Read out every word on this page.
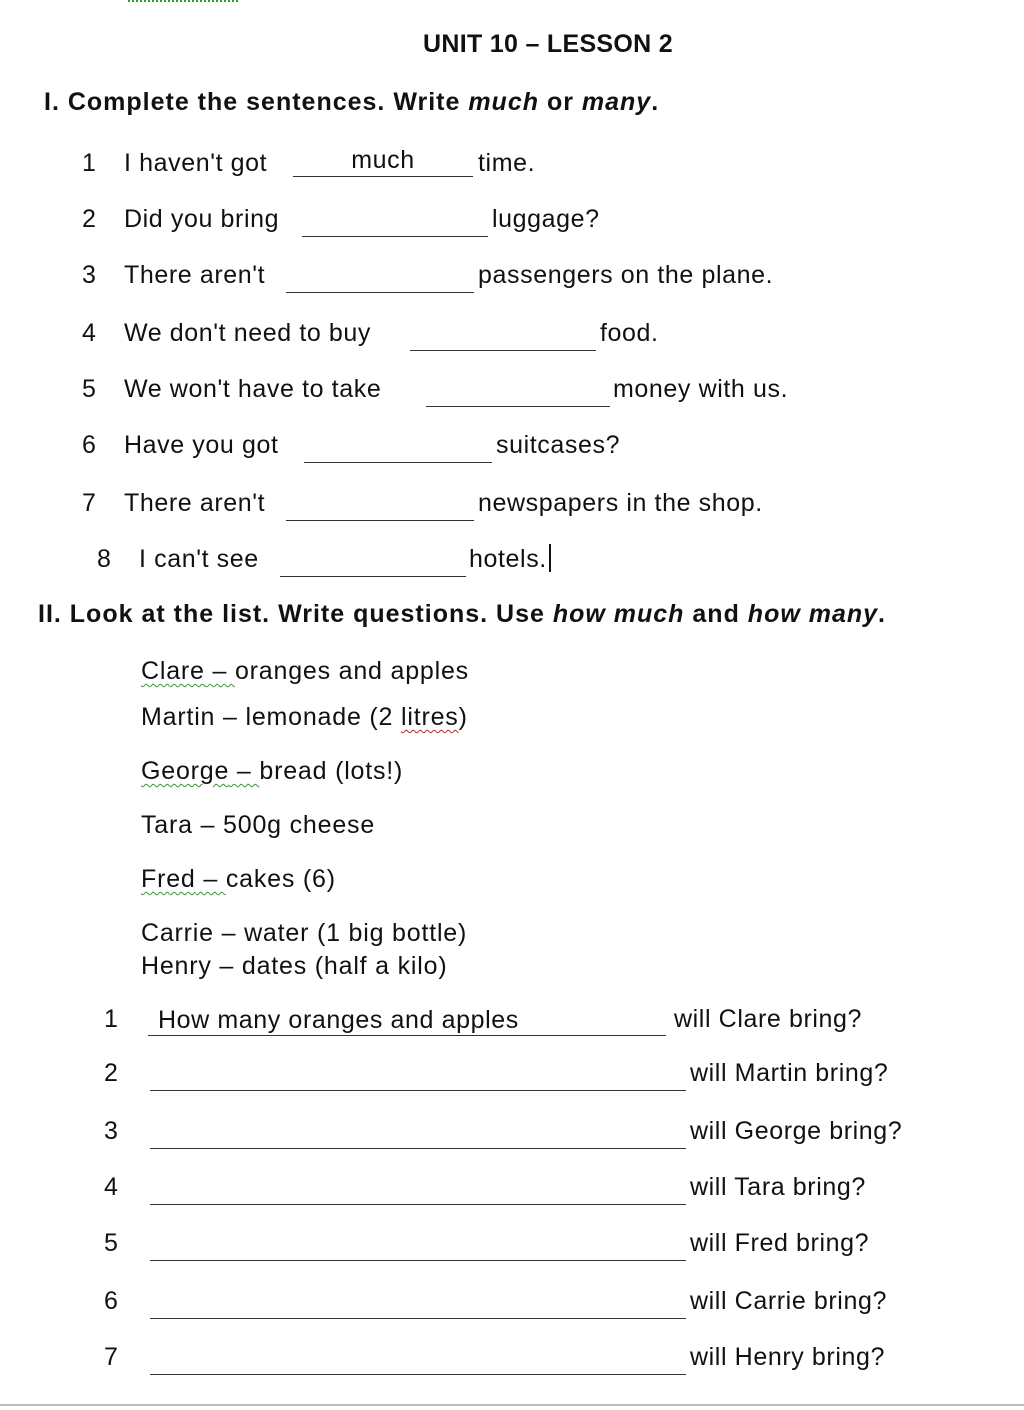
UNIT 10 – LESSON 2
I. Complete the sentences. Write much or many.
1 I haven't got	much	time.
2 Did you bring	luggage?
3 There aren't	passengers on the plane.
4 We don't need to buy	food.
5 We won't have to take	money with us.
6 Have you got	suitcases?
7 There aren't	newspapers in the shop.
8 I can't see	hotels.
II. Look at the list. Write questions. Use how much and how many.
Clare – oranges and apples
Martin – lemonade (2 litres)
George – bread (lots!)
Tara – 500g cheese
Fred – cakes (6)
Carrie – water (1 big bottle)
Henry – dates (half a kilo)
1	How many oranges and apples	will Clare bring?
2	will Martin bring?
3	will George bring?
4	will Tara bring?
5	will Fred bring?
6	will Carrie bring?
7	will Henry bring?
